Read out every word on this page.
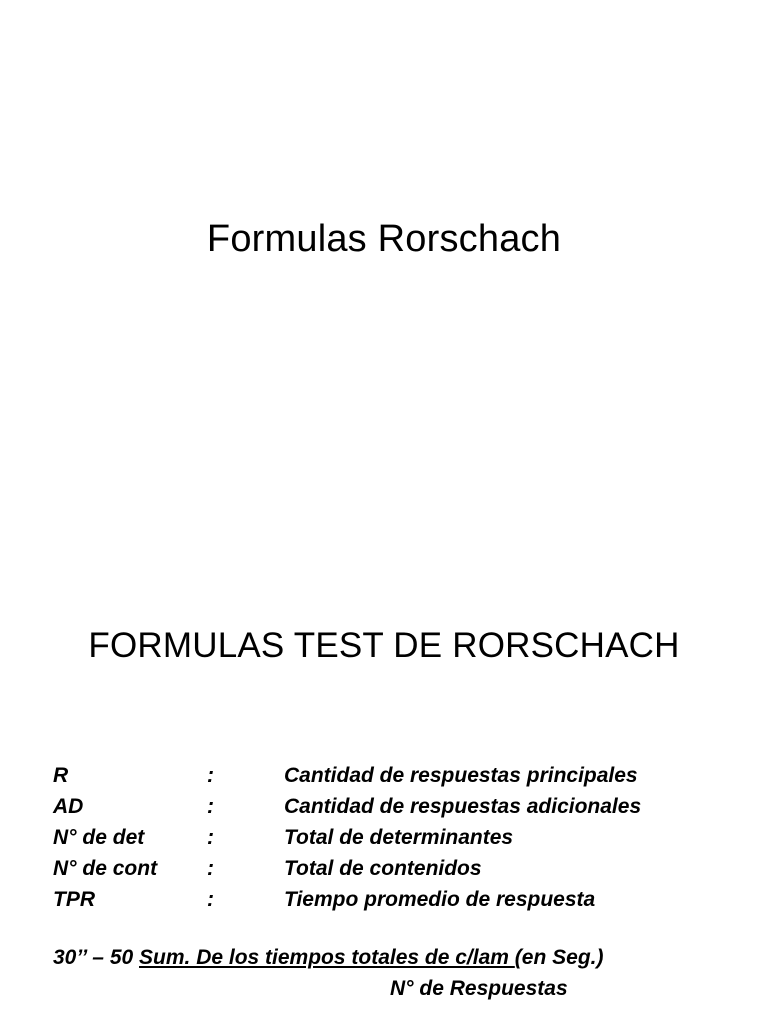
Formulas Rorschach
FORMULAS TEST DE RORSCHACH
R	:	Cantidad de respuestas principales
AD	:	Cantidad de respuestas adicionales
N° de det	:	Total de determinantes
N° de cont :	Total de contenidos
TPR	:	Tiempo promedio de respuesta
30’’ – 50 Sum. De los tiempos totales de c/lam (en Seg.)
N° de Respuestas
